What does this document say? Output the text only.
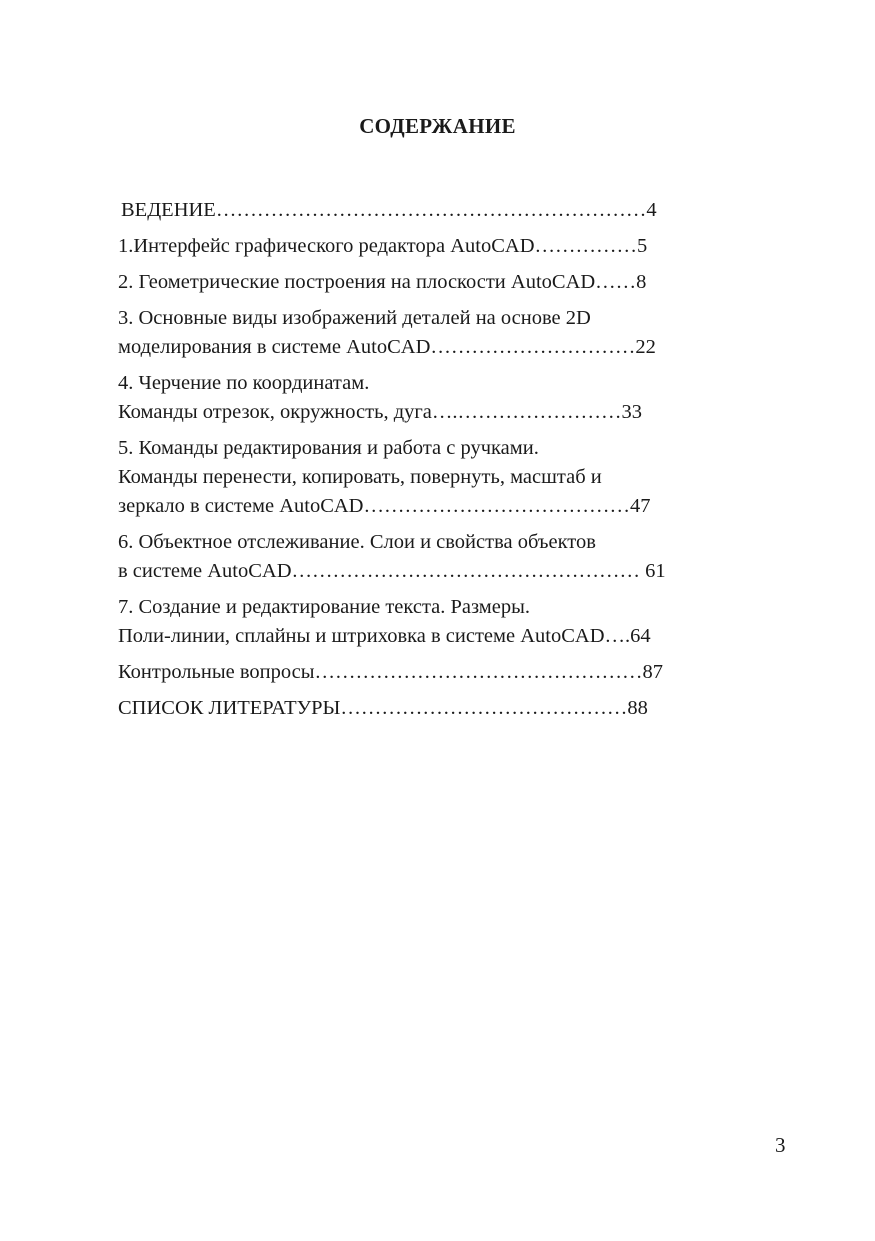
СОДЕРЖАНИЕ
ВЕДЕНИЕ………………………………………………………4
1.Интерфейс графического редактора AutoCAD……………5
2. Геометрические построения на плоскости AutoCAD……8
3. Основные виды изображений деталей на основе 2D
моделирования в системе AutoCAD…………………………22
4. Черчение по координатам.
Команды отрезок, окружность, дуга….……………………33
5. Команды редактирования и работа с ручками.
Команды перенести, копировать, повернуть, масштаб и
зеркало в системе AutoCAD…………………………………47
6. Объектное отслеживание. Слои и свойства объектов
в системе AutoCAD…………………………………………… 61
7. Создание и редактирование текста. Размеры.
Поли-линии, сплайны и штриховка в системе AutoCAD….64
Контрольные вопросы…………………………………………87
СПИСОК ЛИТЕРАТУРЫ……………………………………88
3
